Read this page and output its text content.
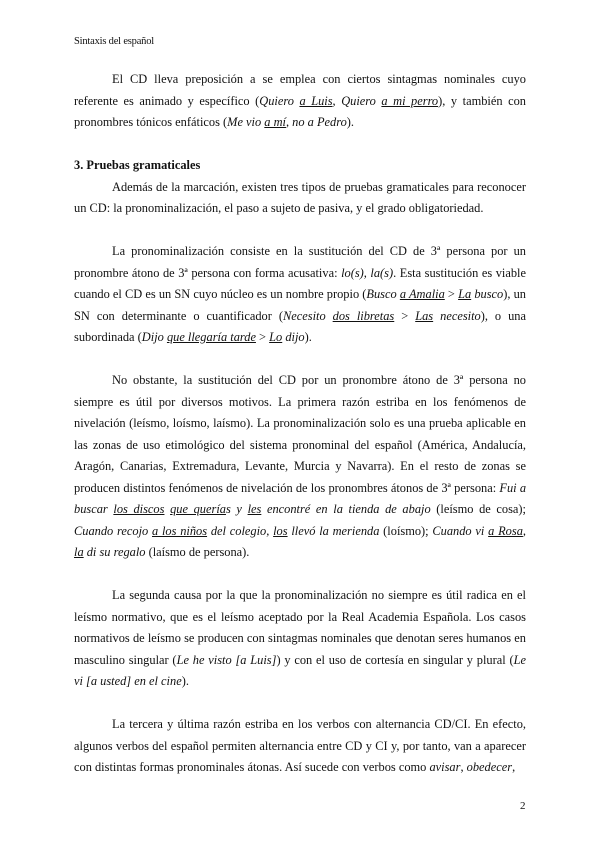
Sintaxis del español

El CD lleva preposición a se emplea con ciertos sintagmas nominales cuyo referente es animado y específico (Quiero a Luis, Quiero a mi perro), y también con pronombres tónicos enfáticos (Me vio a mí, no a Pedro).

3. Pruebas gramaticales

Además de la marcación, existen tres tipos de pruebas gramaticales para reconocer un CD: la pronominalización, el paso a sujeto de pasiva, y el grado obligatoriedad.

La pronominalización consiste en la sustitución del CD de 3ª persona por un pronombre átono de 3ª persona con forma acusativa: lo(s), la(s). Esta sustitución es viable cuando el CD es un SN cuyo núcleo es un nombre propio (Busco a Amalia > La busco), un SN con determinante o cuantificador (Necesito dos libretas > Las necesito), o una subordinada (Dijo que llegaría tarde > Lo dijo).

No obstante, la sustitución del CD por un pronombre átono de 3ª persona no siempre es útil por diversos motivos. La primera razón estriba en los fenómenos de nivelación (leísmo, loísmo, laísmo). La pronominalización solo es una prueba aplicable en las zonas de uso etimológico del sistema pronominal del español (América, Andalucía, Aragón, Canarias, Extremadura, Levante, Murcia y Navarra). En el resto de zonas se producen distintos fenómenos de nivelación de los pronombres átonos de 3ª persona: Fui a buscar los discos que querías y les encontré en la tienda de abajo (leísmo de cosa); Cuando recojo a los niños del colegio, los llevó la merienda (loísmo); Cuando vi a Rosa, la di su regalo (laísmo de persona).

La segunda causa por la que la pronominalización no siempre es útil radica en el leísmo normativo, que es el leísmo aceptado por la Real Academia Española. Los casos normativos de leísmo se producen con sintagmas nominales que denotan seres humanos en masculino singular (Le he visto [a Luis]) y con el uso de cortesía en singular y plural (Le vi [a usted] en el cine).

La tercera y última razón estriba en los verbos con alternancia CD/CI. En efecto, algunos verbos del español permiten alternancia entre CD y CI y, por tanto, van a aparecer con distintas formas pronominales átonas. Así sucede con verbos como avisar, obedecer,

2
